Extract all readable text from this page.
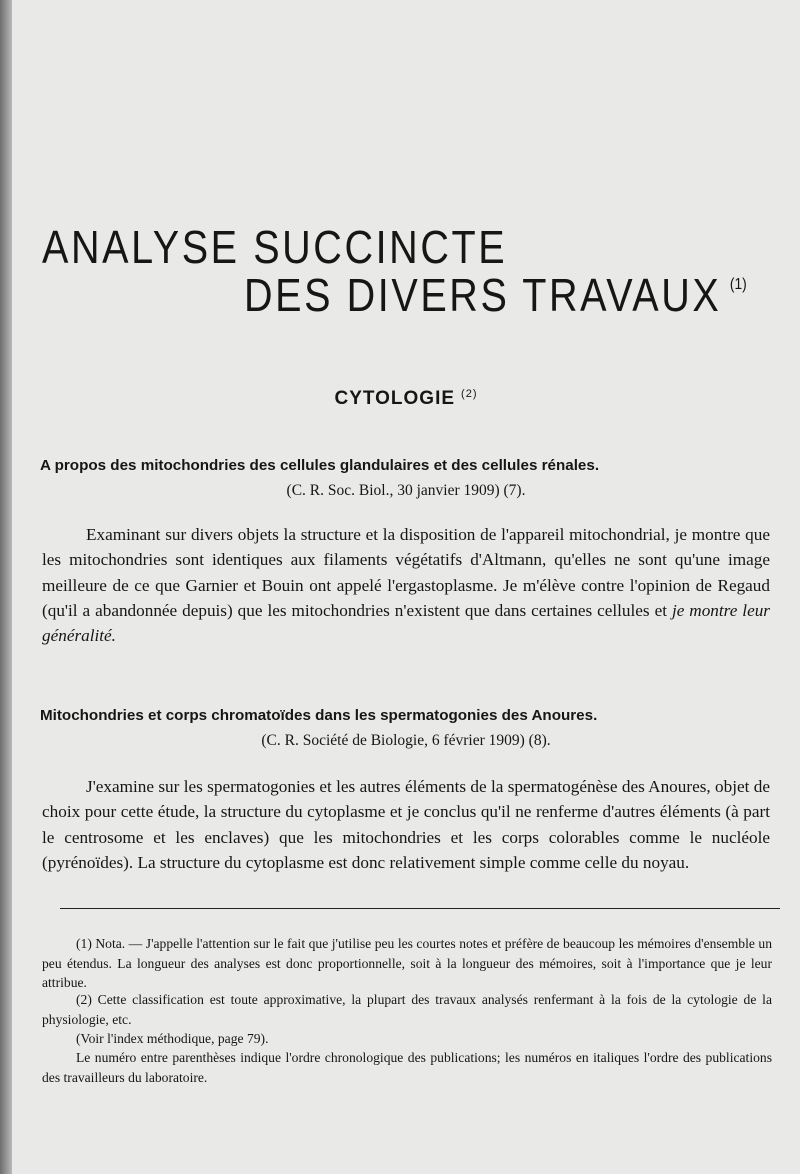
ANALYSE SUCCINCTE
DES DIVERS TRAVAUX $^{(1)}$
CYTOLOGIE $^{(2)}$

A propos des mitochondries des cellules glandulaires et des cellules rénales.

(C. R. Soc. Biol., 30 janvier 1909) (7).

Examinant sur divers objets la structure et la disposition de l'appareil mitochondrial, je montre que les mitochondries sont identiques aux filaments végétatifs d'Altmann, qu'elles ne sont qu'une image meilleure de ce que Garnier et Bouin ont appelé l'ergastoplasme. Je m'élève contre l'opinion de Regaud (qu'il a abandonnée depuis) que les mitochondries n'existent que dans certaines cellules et je montre leur généralité.

Mitochondries et corps chromatoïdes dans les spermatogonies des Anoures.

(C. R. Société de Biologie, 6 février 1909) (8).

J'examine sur les spermatogonies et les autres éléments de la spermatogénèse des Anoures, objet de choix pour cette étude, la structure du cytoplasme et je conclus qu'il ne renferme d'autres éléments (à part le centrosome et les enclaves) que les mitochondries et les corps colorables comme le nucléole (pyrénoïdes). La structure du cytoplasme est donc relativement simple comme celle du noyau.

(1) Nota. — J'appelle l'attention sur le fait que j'utilise peu les courtes notes et préfère de beaucoup les mémoires d'ensemble un peu étendus. La longueur des analyses est donc proportionnelle, soit à la longueur des mémoires, soit à l'importance que je leur attribue.

(2) Cette classification est toute approximative, la plupart des travaux analysés renfermant à la fois de la cytologie de la physiologie, etc.

(Voir l'index méthodique, page 79).

Le numéro entre parenthèses indique l'ordre chronologique des publications; les numéros en italiques l'ordre des publications des travailleurs du laboratoire.
